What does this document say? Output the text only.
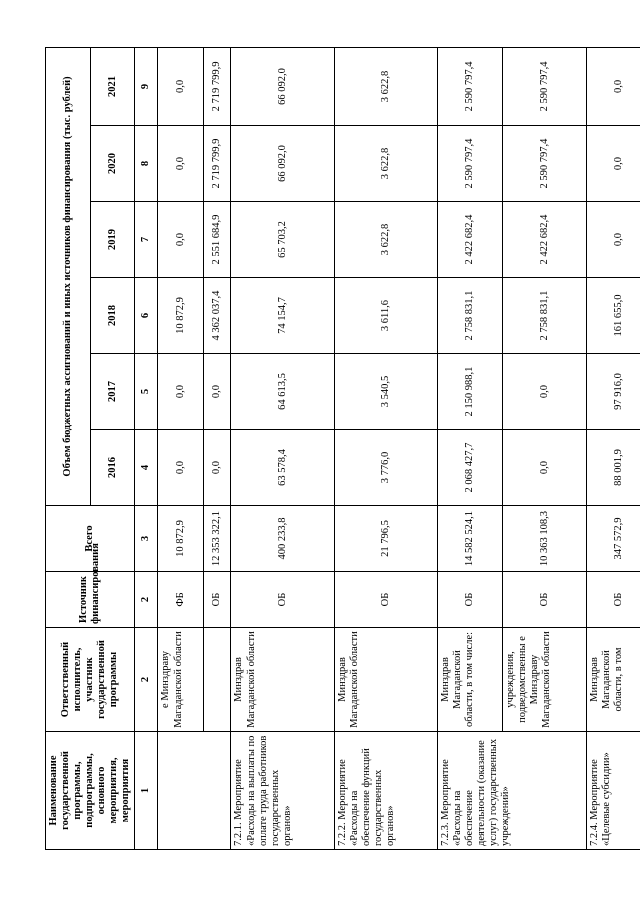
Наименование государственной программы, подпрограммы, основного мероприятия, мероприятия	Ответственный исполнитель, участник государственной программы	Источник финансирования	Всего	Объем бюджетных ассигнований и иных источников финансирования (тыс. рублей)					
				2016	2017	2018	2019	2020	2021
1	2	2	3	4	5	6	7	8	9
	е Минздраву Магаданской области	ФБ	10 872,9	0,0	0,0	10 872,9	0,0	0,0	0,0
		ОБ	12 353 322,1	0,0	0,0	4 362 037,4	2 551 684,9	2 719 799,9	2 719 799,9
7.2.1. Мероприятие «Расходы на выплаты по оплате труда работников государственных органов»	Минздрав Магаданской области	ОБ	400 233,8	63 578,4	64 613,5	74 154,7	65 703,2	66 092,0	66 092,0
7.2.2. Мероприятие «Расходы на обеспечение функций государственных органов»	Минздрав Магаданской области	ОБ	21 796,5	3 776,0	3 540,5	3 611,6	3 622,8	3 622,8	3 622,8
7.2.3. Мероприятие «Расходы на обеспечение деятельности (оказание услуг) государственных учреждений»	Минздрав Магаданской области, в том числе:	ОБ	14 582 524,1	2 068 427,7	2 150 988,1	2 758 831,1	2 422 682,4	2 590 797,4	2 590 797,4
	учреждения, подведомственны е Минздраву Магаданской области	ОБ	10 363 108,3	0,0	0,0	2 758 831,1	2 422 682,4	2 590 797,4	2 590 797,4
7.2.4. Мероприятие «Целевые субсидии»	Минздрав Магаданской области, в том	ОБ	347 572,9	88 001,9	97 916,0	161 655,0	0,0	0,0	0,0
